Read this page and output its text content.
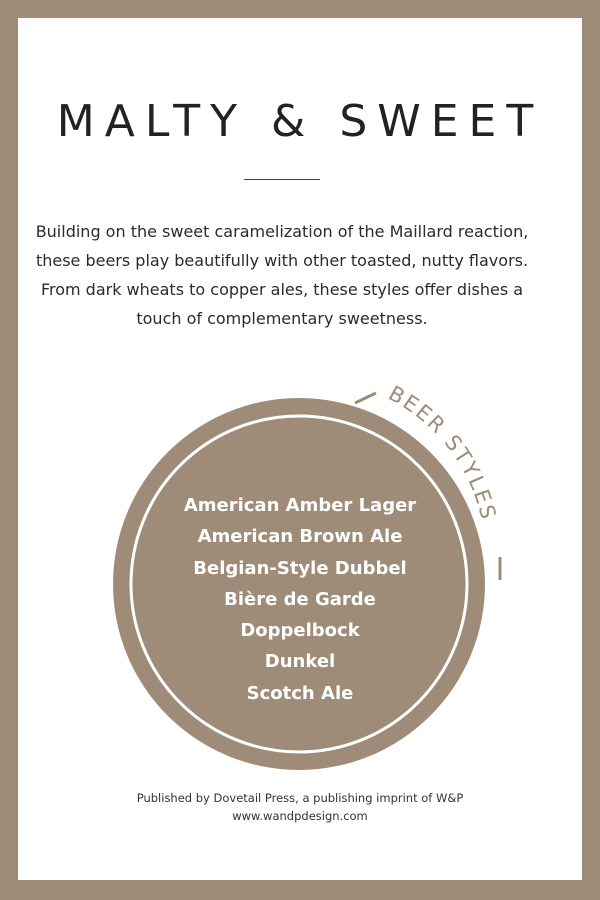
MALTY & SWEET

Building on the sweet caramelization of the Maillard reaction, these beers play beautifully with other toasted, nutty flavors. From dark wheats to copper ales, these styles offer dishes a touch of complementary sweetness.

BEER STYLES
American Amber Lager
American Brown Ale
Belgian-Style Dubbel
Bière de Garde
Doppelbock
Dunkel
Scotch Ale
Published by Dovetail Press, a publishing imprint of W&P
www.wandpdesign.com
